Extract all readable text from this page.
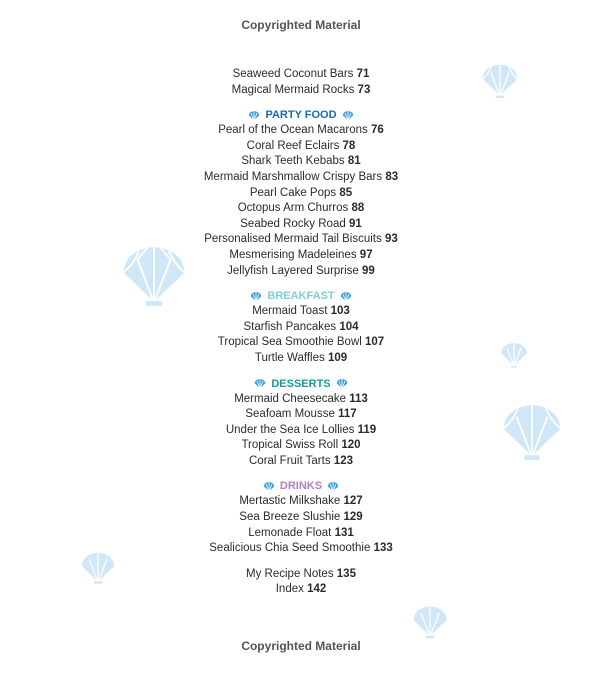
Copyrighted Material
Seaweed Coconut Bars 71
Magical Mermaid Rocks 73
PARTY FOOD
Pearl of the Ocean Macarons 76
Coral Reef Eclairs 78
Shark Teeth Kebabs 81
Mermaid Marshmallow Crispy Bars 83
Pearl Cake Pops 85
Octopus Arm Churros 88
Seabed Rocky Road 91
Personalised Mermaid Tail Biscuits 93
Mesmerising Madeleines 97
Jellyfish Layered Surprise 99
BREAKFAST
Mermaid Toast 103
Starfish Pancakes 104
Tropical Sea Smoothie Bowl 107
Turtle Waffles 109
DESSERTS
Mermaid Cheesecake 113
Seafoam Mousse 117
Under the Sea Ice Lollies 119
Tropical Swiss Roll 120
Coral Fruit Tarts 123
DRINKS
Mertastic Milkshake 127
Sea Breeze Slushie 129
Lemonade Float 131
Sealicious Chia Seed Smoothie 133
My Recipe Notes 135
Index 142
Copyrighted Material
